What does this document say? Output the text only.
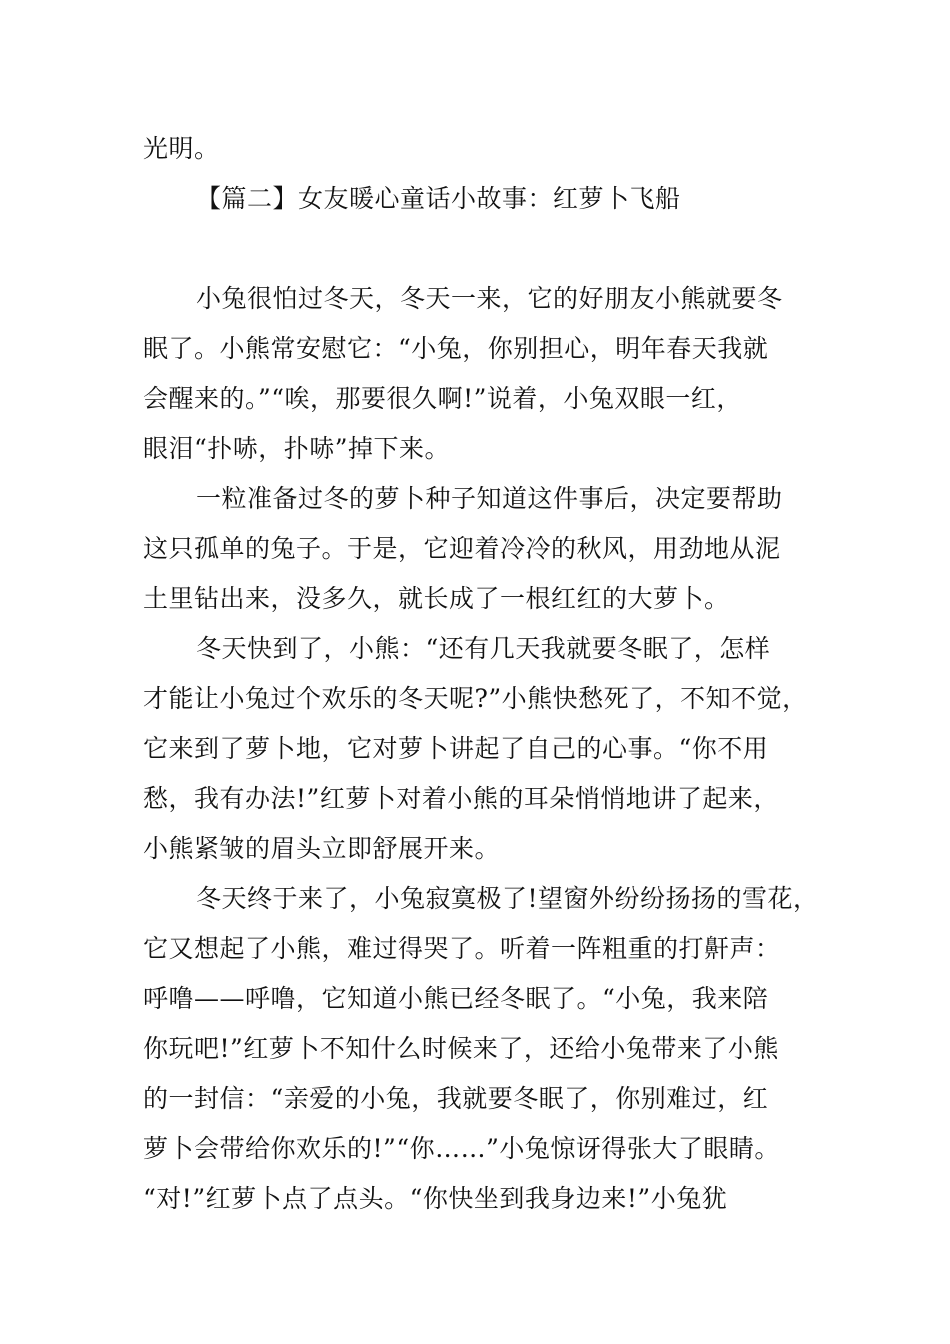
光明。
【篇二】女友暖心童话小故事：红萝卜飞船
小兔很怕过冬天，冬天一来，它的好朋友小熊就要冬
眠了。小熊常安慰它：“小兔，你别担心，明年春天我就
会醒来的。”“唉，那要很久啊!”说着，小兔双眼一红，
眼泪“扑哧，扑哧”掉下来。
一粒准备过冬的萝卜种子知道这件事后，决定要帮助
这只孤单的兔子。于是，它迎着冷冷的秋风，用劲地从泥
土里钻出来，没多久，就长成了一根红红的大萝卜。
冬天快到了，小熊：“还有几天我就要冬眠了，怎样
才能让小兔过个欢乐的冬天呢?”小熊快愁死了，不知不觉，
它来到了萝卜地，它对萝卜讲起了自己的心事。“你不用
愁，我有办法!”红萝卜对着小熊的耳朵悄悄地讲了起来，
小熊紧皱的眉头立即舒展开来。
冬天终于来了，小兔寂寞极了!望窗外纷纷扬扬的雪花，
它又想起了小熊，难过得哭了。听着一阵粗重的打鼾声：
呼噜——呼噜，它知道小熊已经冬眠了。“小兔，我来陪
你玩吧!”红萝卜不知什么时候来了，还给小兔带来了小熊
的一封信：“亲爱的小兔，我就要冬眠了，你别难过，红
萝卜会带给你欢乐的!”“你……”小兔惊讶得张大了眼睛。
“对!”红萝卜点了点头。“你快坐到我身边来!”小兔犹
